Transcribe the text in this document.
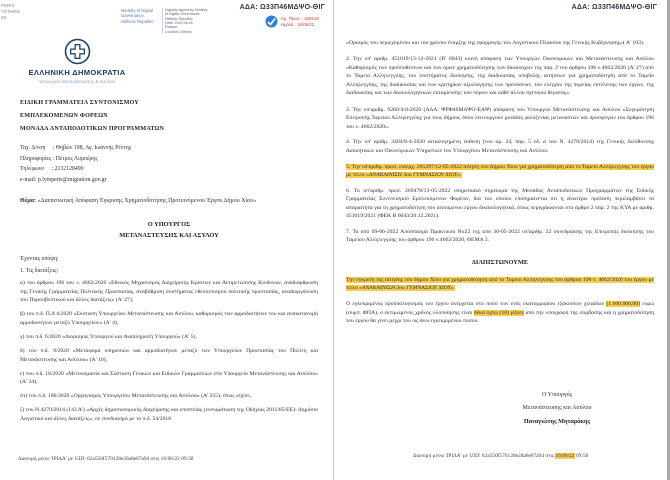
PERIS
ΤΙΓΡΑΦΟ
29
Ministry of Digital
Governance,
Hellenic Republic
Digitally signed by Ministry
of Digital Governance,
Hellenic Republic
Date: 2022.06.16
Reason:
Location: Athens
ΑΔΑ: Ω33Π46ΜΔΨΟ-ΘΙΓ
Αρ. Πρωτ. : 348126
Ημ/νία : 16/06/22
ΕΛΛΗΝΙΚΗ ΔΗΜΟΚΡΑΤΙΑ
Υπουργείο Μετανάστευσης & Ασύλου
ΕΙΔΙΚΗ ΓΡΑΜΜΑΤΕΙΑ ΣΥΝΤΟΝΙΣΜΟΥ
ΕΜΠΛΕΚΟΜΕΝΩΝ ΦΟΡΕΩΝ
ΜΟΝΑΔΑ ΑΝΤΑΠΟΔΟΤΙΚΩΝ ΠΡΟΓΡΑΜΜΑΤΩΝ
Ταχ. Δ/νση     : Θηβών 198, Αγ. Ιωάννης Ρέντης
Πληροφορίες : Πέτρος Λυμπέρης
Τηλέφωνο     : 2132128490
e-mail: p.lymperis@migration.gov.gr
Θέμα: «Διαπιστωτική Απόφαση Έγκρισης Χρηματοδότησης Προτεινόμενου Έργου Δήμου Χίου»
Ο ΥΠΟΥΡΓΟΣ
ΜΕΤΑΝΑΣΤΕΥΣΗΣ ΚΑΙ ΑΣΥΛΟΥ
Έχοντας υπόψη:
1. Τις διατάξεις:

α) του άρθρου 196 του ν. 4662/2020 «Εθνικός Μηχανισμός Διαχείρισης Κρίσεων και Αντιμετώπισης Κινδύνων, αναδιάρθρωση της Γενικής Γραμματείας Πολιτικής Προστασίας, αναβάθμιση συστήματος εθελοντισμού πολιτικής προστασίας, αναδιοργάνωση του Πυροσβεστικού και άλλες διατάξεις» (Α' 27),

β) του π.δ. Π.Δ 4/2020 «Σύσταση Υπουργείου Μετανάστευσης και Ασύλου, καθορισμός των αρμοδιοτήτων του και ανακατανομή αρμοδιοτήτων μεταξύ Υπουργείων» (Α' 4),

γ) του π.δ. 6/2020 «Διορισμός Υπουργού και Αναπληρωτή Υπουργού» (Α' 5),

δ) του π.δ. 9/2020 «Μεταφορά υπηρεσιών και αρμοδιοτήτων μεταξύ των Υπουργείων Προστασίας του Πολίτη και Μετανάστευσης και Ασύλου» (Α' 10),

ε) του π.δ. 18/2020 «Μετονομασία και Σύσταση Γενικών και Ειδικών Γραμματειών στο Υπουργείο Μετανάστευσης και Ασύλου» (Α' 34),

στ) του π.δ. 106/2020 «Οργανισμός Υπουργείου Μετανάστευσης και Ασύλου» (Α' 255), όπως ισχύει,

ζ) του Ν.4270/2014 (143 Α') «Αρχές δημοσιονομικής διαχείρισης και εποπτείας (ενσωμάτωση της Οδηγίας 2011/85/ΕΕ)- Δημόσιο Λογιστικό και άλλες διατάξεις», σε συνδυασμό με το π.δ. 54/2018

Διανομή μέσω 'ΙΡΙΔΑ' με UID: 62a550f570128e28a8e87a94 στις 16/06/22 09:58
ΑΔΑ: Ω33Π46ΜΔΨΟ-ΘΙΓ

«Ορισμός του περιεχομένου και του χρόνου έναρξης της εφαρμογής του Λογιστικού Πλαισίου της Γενικής Κυβέρνησης»( Α' 103).

2. Την υπ' αριθμ. 451019/13-12-2021 (Β' 6043) κοινή απόφαση των Υπουργών Οικονομικών και Μετανάστευσης και Ασύλου «Καθορισμός των προϋποθέσεων και των όρων χρηματοδότησης των δικαιούχων της παρ. 2 του άρθρου 196 ν.4662/2020 (Α' 27) από το Ταμείο Αλληλεγγύης, του συστήματος διοίκησης, της διαδικασίας υποβολής αιτήσεων για χρηματοδότηση από το Ταμείο Αλληλεγγύης, της διαδικασίας και των κριτηρίων αξιολόγησης των προτάσεων, του ελέγχου της πορείας εκτέλεσης των έργων, της διαδικασίας και των δικαιολογητικών εκταμίευσης των πόρων και κάθε άλλου σχετικού θέματος».

3. Την υπ'αριθμ. 9260/4-8-2020 (ΑΔΑ: ΨΡΦ46ΜΔΨΟ-ΕΑΨ) απόφαση του Υπουργού Μετανάστευσης και Ασύλου «Συγκρότηση Επιτροπής Ταμείου Αλληλεγγύης για τους δήμους όπου λειτουργούν μονάδες φιλοξενίας μεταναστών και προσφύγων του άρθρου 196 του ν. 4662/2020».

4. Την υπ' αριθμ. 3404/8-4-2020 αιτιολογημένη έκθεση (του αρ. 24, παρ. 5 εδ. α του Ν. 4270/2014) της Γενικής Διεύθυνσης Διοικητικών και Οικονομικών Υπηρεσιών του Υπουργείου Μετανάστευσης και Ασύλου.

5. Την υπ'αριθμ. πρωτ. εισερχ. 265397/12-05-2022 αίτηση του Δήμου Χίου για χρηματοδότηση από το Ταμείο Αλληλεγγύης του έργου με τίτλο «ΑΝΑΚΑΙΝΙΣΗ 3ου ΓΥΜΝΑΣΙΟΥ ΧΙΟΥ».

6. Το υπ'αριθμ. πρωτ. 269478/13-05-2022 υπηρεσιακό σημείωμα της Μονάδας Ανταποδοτικών Προγραμμάτων της Ειδικής Γραμματείας Συντονισμού Εμπλεκόμενων Φορέων, δια του οποίου επισημαίνεται ότι η ανωτέρω πρόταση περιλαμβάνει τα απαραίτητα για τη χρηματοδότηση του αιτούμενου έργου δικαιολογητικά, όπως περιγράφονται στο άρθρο 2 παρ. 2 της ΚΥΑ με αριθμ. 451019/2021 (ΦΕΚ Β 6043/20.12.2021).

7. Το από 09-06-2022 Απόσπασμα Πρακτικού Νο22 της από 30-05-2022 υπ'αριθμ. 22 συνεδρίασης της Επιτροπής διοίκησης του Ταμείου Αλληλεγγύης του άρθρου 196 ν.4662/2020, ΘΕΜΑ 3.

ΔΙΑΠΙΣΤΩΝΟΥΜΕ

Την έγκριση της αίτησης του δήμου Χίου για χρηματοδότηση από το Ταμείο Αλληλεγγύης του άρθρου 196 ν. 4662/2020 του έργου με τίτλο «ΑΝΑΚΑΙΝΙΣΗ 3ου ΓΥΜΝΑΣΙΟΥ ΧΙΟΥ».

Ο εγκεκριμένος προϋπολογισμός του έργου ανέρχεται στο ποσό των ενός εκατομμυρίου εξακοσίων χιλιάδων (1.600.000,00) ευρώ (συμπ. ΦΠΑ), ο εκτιμώμενος χρόνος υλοποίησης είναι δέκα οχτώ (18) μήνες από την υπογραφή της σύμβασης και η χρηματοδότηση του έργου θα γίνει μέχρι του ως άνω εγκεκριμένου ποσού.

Ο Υπουργός
Μετανάστευσης και Ασύλου
Παναγιώτης Μηταράκης
Διανομή μέσω 'ΙΡΙΔΑ' με UID: 62a550f570128e28a8e87a94 στις 16/06/22 09:58
